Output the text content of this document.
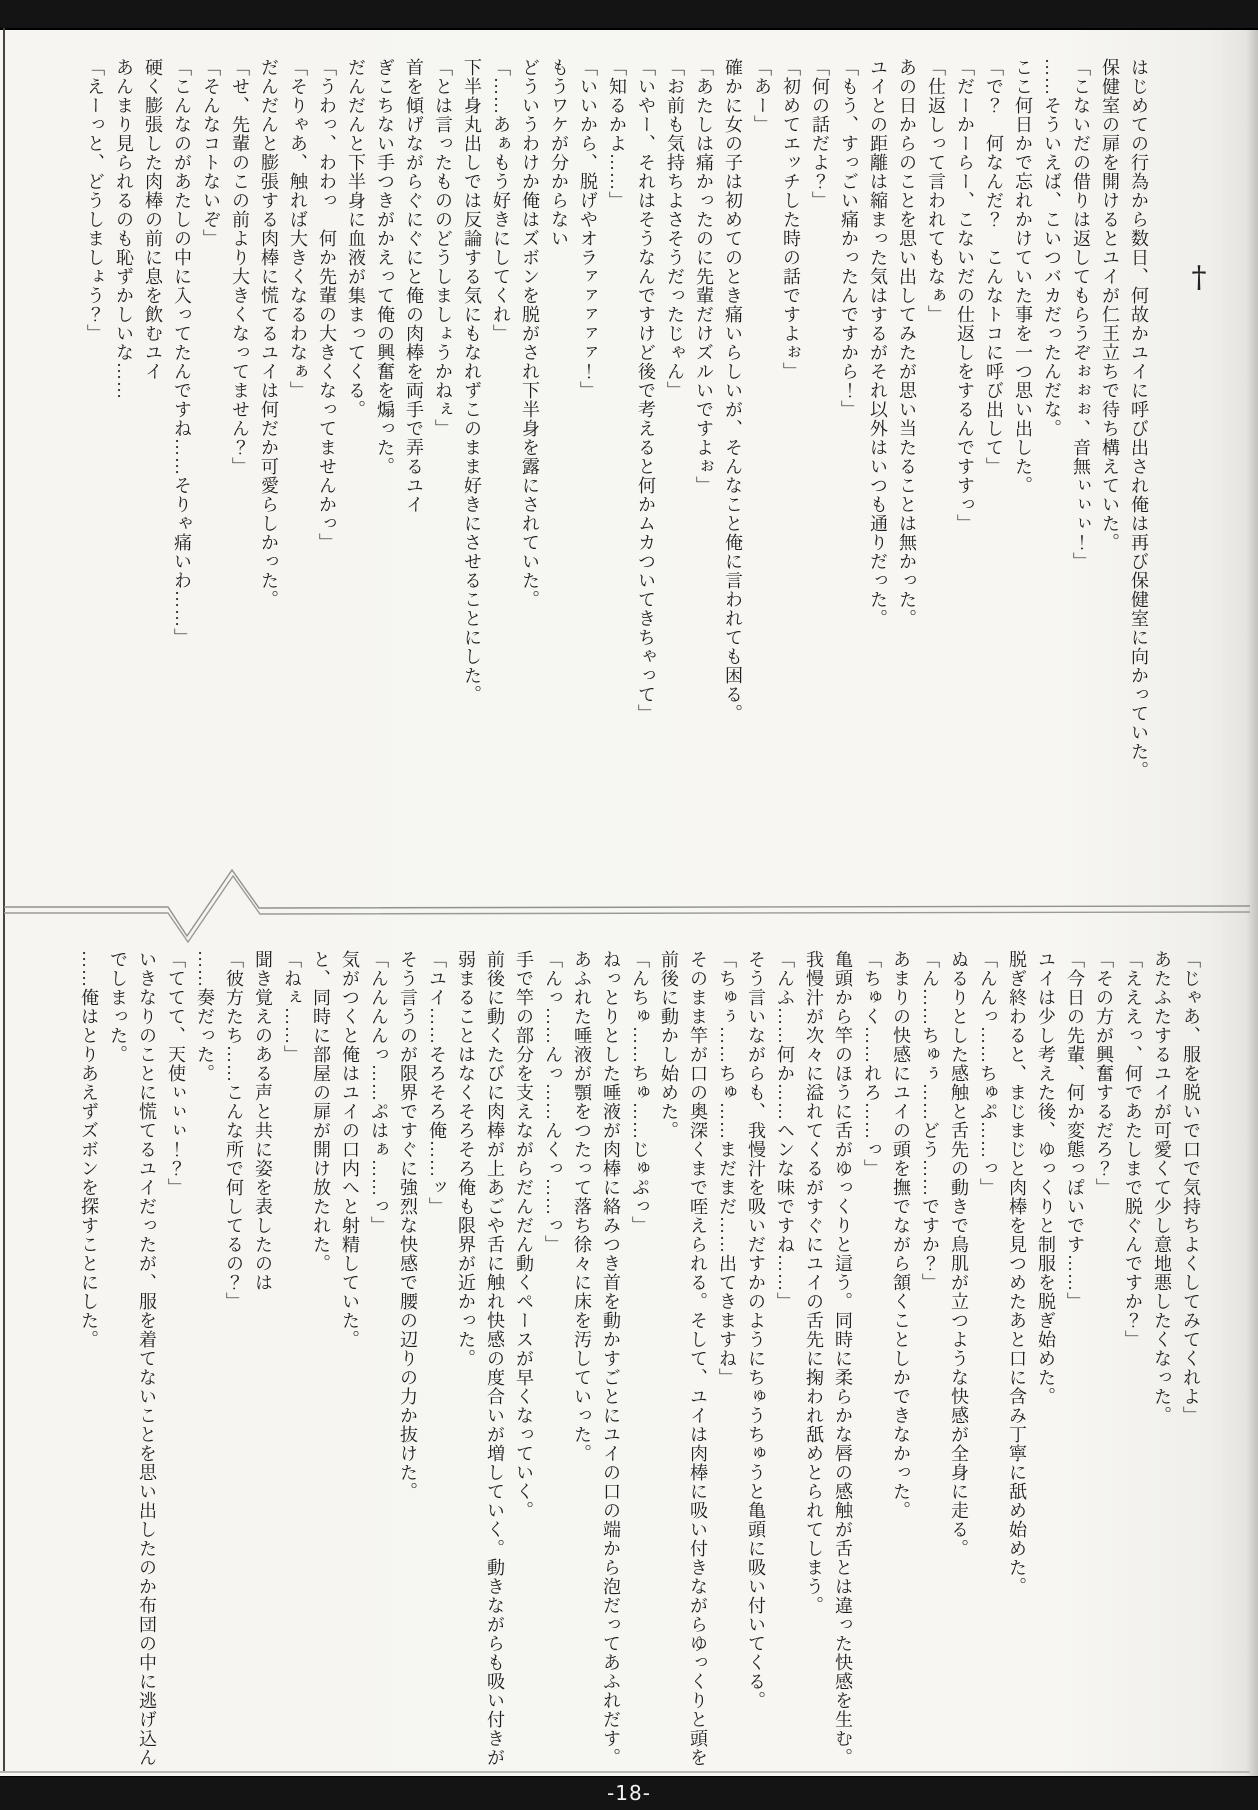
†

はじめての行為から数日、何故かユイに呼び出され俺は再び保健室に向かっていた。

保健室の扉を開けるとユイが仁王立ちで待ち構えていた。

「こないだの借りは返してもらうぞぉぉぉ、音無ぃぃぃ！」

……そういえば、こいつバカだったんだな。

ここ何日かで忘れかけていた事を一つ思い出した。

「で？　何なんだ？　こんなトコに呼び出して」

「だーかーらー、こないだの仕返しをするんですすっ」

「仕返しって言われてもなぁ」

あの日からのことを思い出してみたが思い当たることは無かった。

ユイとの距離は縮まった気はするがそれ以外はいつも通りだった。

「もう、すっごい痛かったんですから！」

「何の話だよ？」

「初めてエッチした時の話ですよぉ」

「あー」

確かに女の子は初めてのとき痛いらしいが、そんなこと俺に言われても困る。

「あたしは痛かったのに先輩だけズルいですよぉ」

「お前も気持ちよさそうだったじゃん」

「いやー、それはそうなんですけど後で考えると何かムカついてきちゃって」

「知るかよ……」

「いいから、脱げやオラァァァァァ！」

もうワケが分からない

どういうわけか俺はズボンを脱がされ下半身を露にされていた。

「……あぁもう好きにしてくれ」

下半身丸出しでは反論する気にもなれずこのまま好きにさせることにした。

「とは言ったもののどうしましょうかねぇ」

首を傾げながらぐにぐにと俺の肉棒を両手で弄るユイ

ぎこちない手つきがかえって俺の興奮を煽った。

だんだんと下半身に血液が集まってくる。

「うわっ、わわっ　何か先輩の大きくなってませんかっ」

「そりゃあ、触れば大きくなるわなぁ」

だんだんと膨張する肉棒に慌てるユイは何だか可愛らしかった。

「せ、先輩のこの前より大きくなってません？」

「そんなコトないぞ」

「こんなのがあたしの中に入ってたんですね……そりゃ痛いわ……」

硬く膨張した肉棒の前に息を飲むユイ

あんまり見られるのも恥ずかしいな……

「えーっと、どうしましょう？」

「じゃあ、服を脱いで口で気持ちよくしてみてくれよ」

あたふたするユイが可愛くて少し意地悪したくなった。

「えええっ、何であたしまで脱ぐんですか？」

「その方が興奮するだろ？」

「今日の先輩、何か変態っぽいです……」

ユイは少し考えた後、ゆっくりと制服を脱ぎ始めた。

脱ぎ終わると、まじまじと肉棒を見つめたあと口に含み丁寧に舐め始めた。

「んんっ……ちゅぷ……っ」

ぬるりとした感触と舌先の動きで鳥肌が立つような快感が全身に走る。

「ん……ちゅぅ……どう……ですか？」

あまりの快感にユイの頭を撫でながら頷くことしかできなかった。

「ちゅく……れろ……っ」

亀頭から竿のほうに舌がゆっくりと這う。同時に柔らかな唇の感触が舌とは違った快感を生む。

我慢汁が次々に溢れてくるがすぐにユイの舌先に掬われ舐めとられてしまう。

「んふ……何か……ヘンな味ですね……」

そう言いながらも、我慢汁を吸いだすかのようにちゅうちゅうと亀頭に吸い付いてくる。

「ちゅぅ……ちゅ……まだまだ……出てきますね」

そのまま竿が口の奥深くまで咥えられる。そして、ユイは肉棒に吸い付きながらゆっくりと頭を前後に動かし始めた。

「んちゅ……ちゅ……じゅぷっ」

ねっとりとした唾液が肉棒に絡みつき首を動かすごとにユイの口の端から泡だってあふれだす。

あふれた唾液が顎をつたって落ち徐々に床を汚していった。

「んっ……んっ……んくっ……っ」

手で竿の部分を支えながらだんだん動くペースが早くなっていく。

前後に動くたびに肉棒が上あごや舌に触れ快感の度合いが増していく。動きながらも吸い付きが弱まることはなくそろそろ俺も限界が近かった。

「ユイ……そろそろ俺……ッ」

そう言うのが限界ですぐに強烈な快感で腰の辺りの力か抜けた。

「んんんんっ……ぷはぁ……っ」

気がつくと俺はユイの口内へと射精していた。

と、同時に部屋の扉が開け放たれた。

「ねぇ……」

聞き覚えのある声と共に姿を表したのは

「彼方たち……こんな所で何してるの？」

……奏だった。

「ててて、天使ぃぃぃ！？」

いきなりのことに慌てるユイだったが、服を着てないことを思い出したのか布団の中に逃げ込んでしまった。

……俺はとりあえずズボンを探すことにした。

-18-
